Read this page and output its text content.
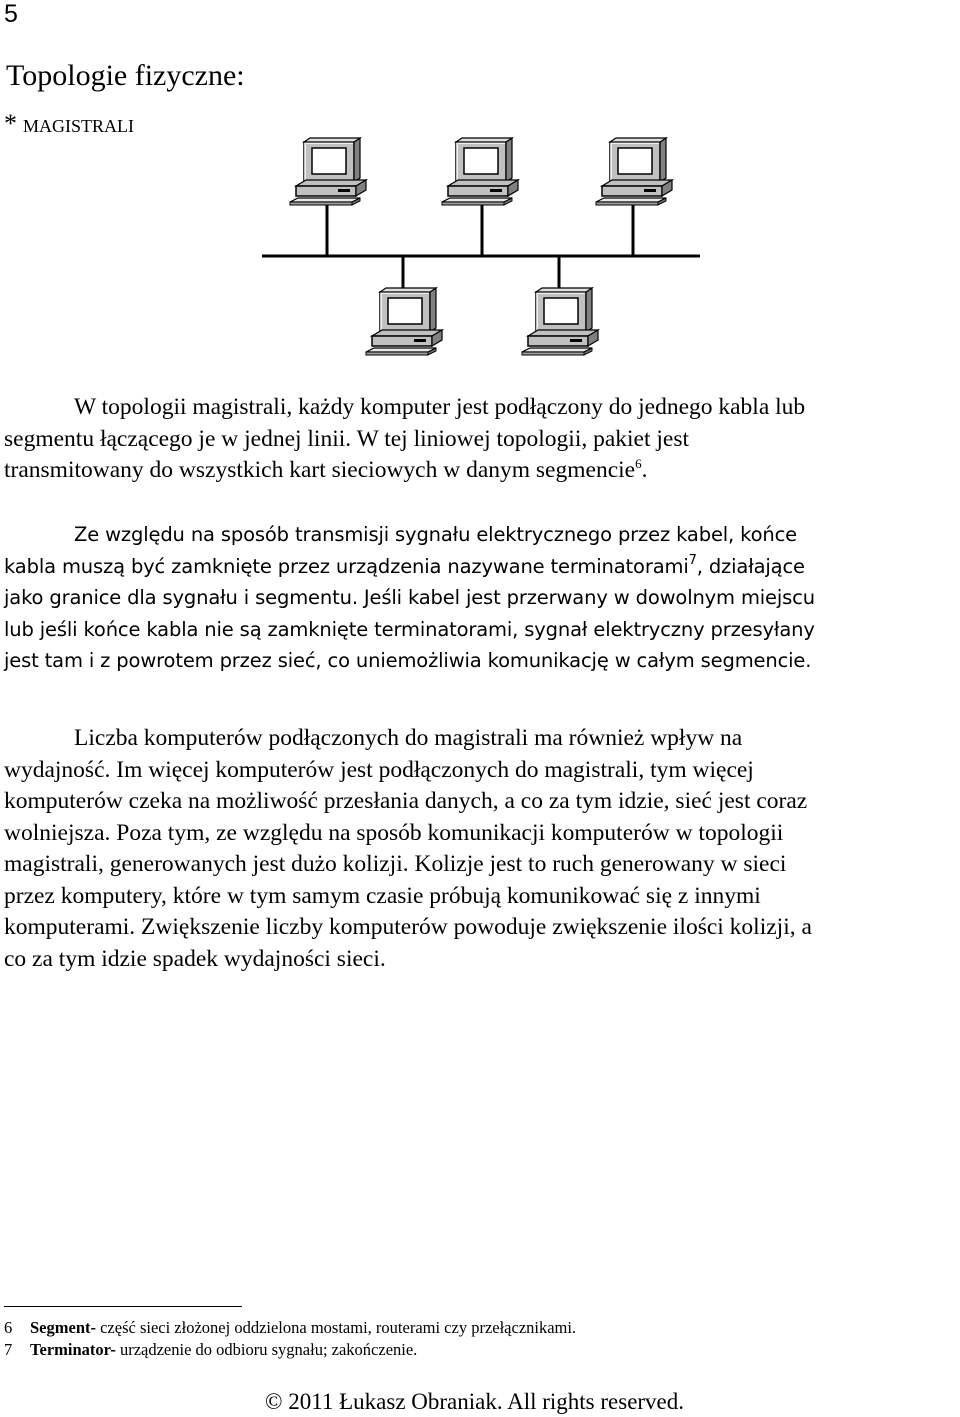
5
Topologie fizyczne:
* MAGISTRALI
W topologii magistrali, każdy komputer jest podłączony do jednego kabla lub
segmentu łączącego je w jednej linii. W tej liniowej topologii, pakiet jest
transmitowany do wszystkich kart sieciowych w danym segmencie$^6$.
Ze względu na sposób transmisji sygnału elektrycznego przez kabel, końce
kabla muszą być zamknięte przez urządzenia nazywane terminatorami$^7$, działające
jako granice dla sygnału i segmentu. Jeśli kabel jest przerwany w dowolnym miejscu
lub jeśli końce kabla nie są zamknięte terminatorami, sygnał elektryczny przesyłany
jest tam i z powrotem przez sieć, co uniemożliwia komunikację w całym segmencie.
Liczba komputerów podłączonych do magistrali ma również wpływ na
wydajność. Im więcej komputerów jest podłączonych do magistrali, tym więcej
komputerów czeka na możliwość przesłania danych, a co za tym idzie, sieć jest coraz
wolniejsza. Poza tym, ze względu na sposób komunikacji komputerów w topologii
magistrali, generowanych jest dużo kolizji. Kolizje jest to ruch generowany w sieci
przez komputery, które w tym samym czasie próbują komunikować się z innymi
komputerami. Zwiększenie liczby komputerów powoduje zwiększenie ilości kolizji, a
co za tym idzie spadek wydajności sieci.
6 Segment- część sieci złożonej oddzielona mostami, routerami czy przełącznikami.
7 Terminator- urządzenie do odbioru sygnału; zakończenie.
© 2011 Łukasz Obraniak. All rights reserved.
